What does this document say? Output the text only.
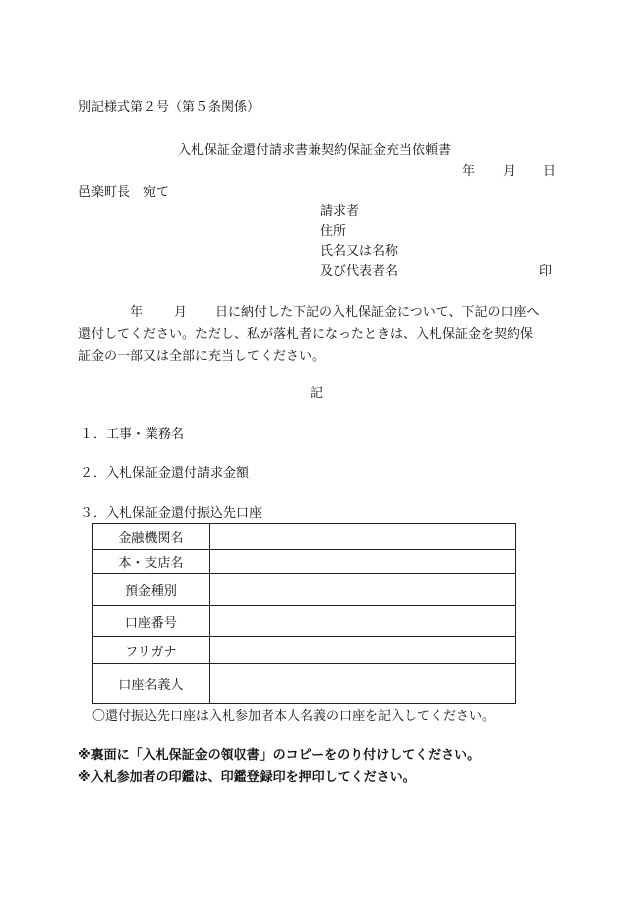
別記様式第２号（第５条関係）
入札保証金還付請求書兼契約保証金充当依頼書
年 月 日
邑楽町長　宛て
請求者
住所
氏名又は名称
及び代表者名	印
年 月 日に納付した下記の入札保証金について、下記の口座へ
還付してください。ただし、私が落札者になったときは、入札保証金を契約保
証金の一部又は全部に充当してください。
記
１．工事・業務名
２．入札保証金還付請求金額
３．入札保証金還付振込先口座
金融機関名	
本・支店名	
預金種別	
口座番号	
フリガナ	
口座名義人	
〇還付振込先口座は入札参加者本人名義の口座を記入してください。
※裏面に「入札保証金の領収書」のコピーをのり付けしてください。
※入札参加者の印鑑は、印鑑登録印を押印してください。
